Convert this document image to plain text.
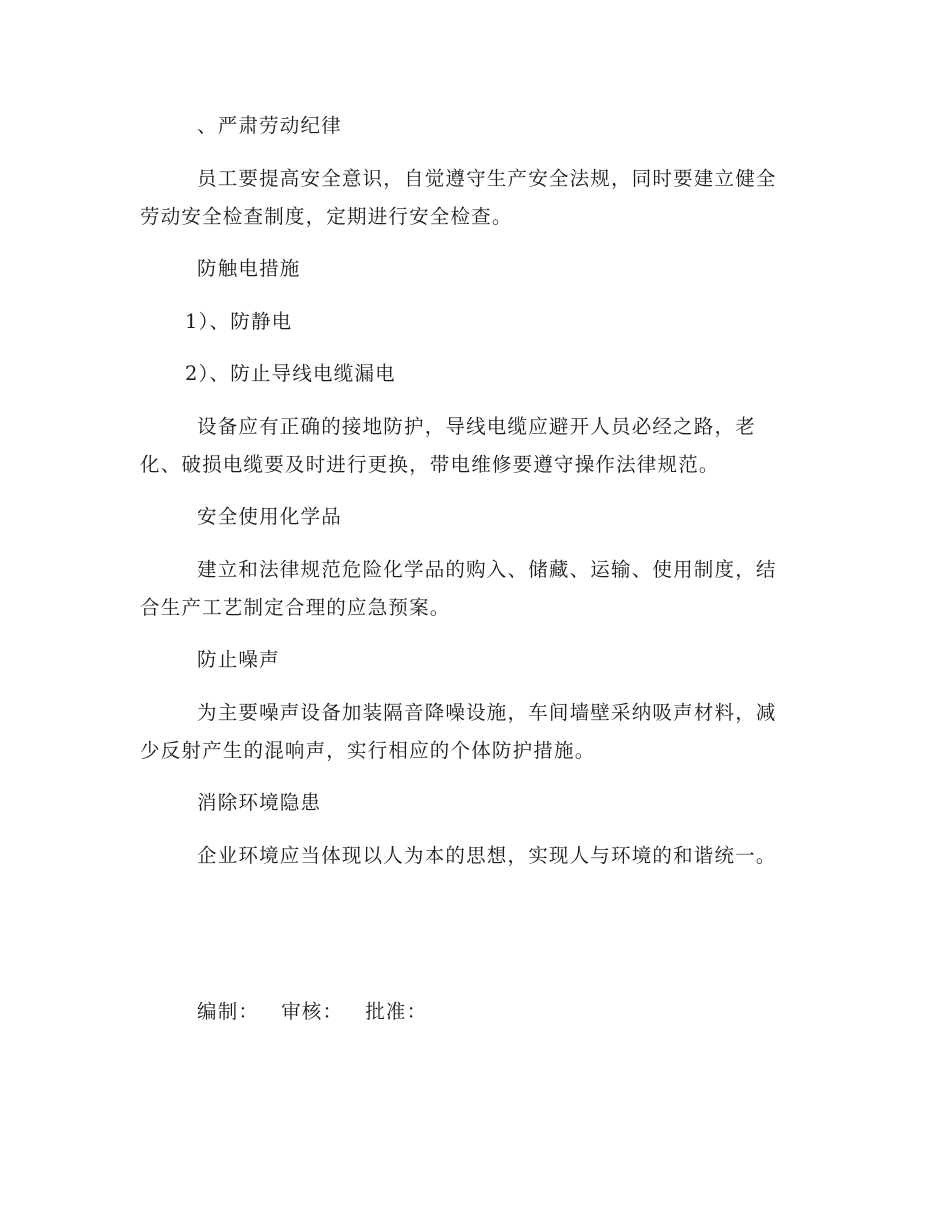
、严肃劳动纪律
员工要提高安全意识，自觉遵守生产安全法规，同时要建立健全
劳动安全检查制度，定期进行安全检查。
防触电措施
1）、防静电
2）、防止导线电缆漏电
设备应有正确的接地防护，导线电缆应避开人员必经之路，老
化、破损电缆要及时进行更换，带电维修要遵守操作法律规范。
安全使用化学品
建立和法律规范危险化学品的购入、储藏、运输、使用制度，结
合生产工艺制定合理的应急预案。
防止噪声
为主要噪声设备加装隔音降噪设施，车间墙壁采纳吸声材料，减
少反射产生的混响声，实行相应的个体防护措施。
消除环境隐患
企业环境应当体现以人为本的思想，实现人与环境的和谐统一。
编制： 审核： 批准：
